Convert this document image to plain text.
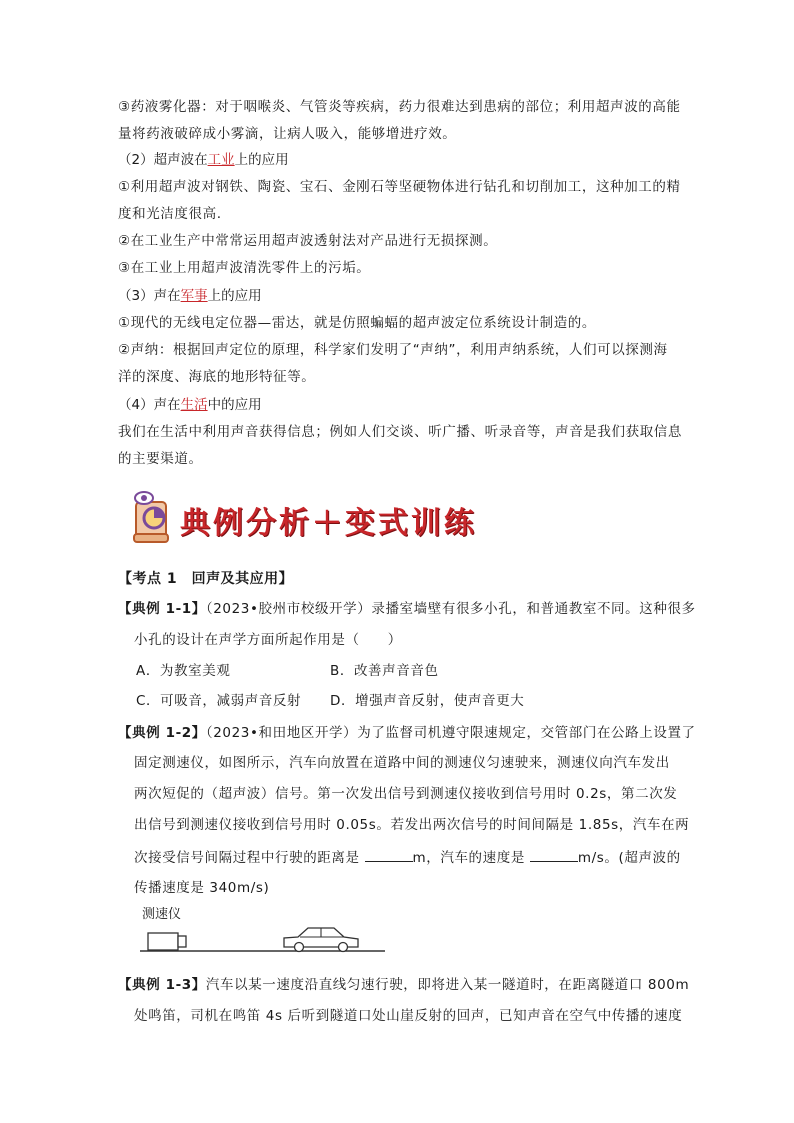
③药液雾化器：对于咽喉炎、气管炎等疾病，药力很难达到患病的部位；利用超声波的高能
量将药液破碎成小雾滴，让病人吸入，能够增进疗效。
（2）超声波在工业上的应用
①利用超声波对钢铁、陶瓷、宝石、金刚石等坚硬物体进行钻孔和切削加工，这种加工的精
度和光洁度很高.
②在工业生产中常常运用超声波透射法对产品进行无损探测。
③在工业上用超声波清洗零件上的污垢。
（3）声在军事上的应用
①现代的无线电定位器—雷达，就是仿照蝙蝠的超声波定位系统设计制造的。
②声纳：根据回声定位的原理，科学家们发明了“声纳”，利用声纳系统，人们可以探测海
洋的深度、海底的地形特征等。
（4）声在生活中的应用
我们在生活中利用声音获得信息；例如人们交谈、听广播、听录音等，声音是我们获取信息
的主要渠道。
典例分析＋变式训练
【考点 1　回声及其应用】
【典例 1-1】（2023•胶州市校级开学）录播室墙壁有很多小孔，和普通教室不同。这种很多
小孔的设计在声学方面所起作用是（　　）
A．为教室美观	B．改善声音音色
C．可吸音，减弱声音反射 D．增强声音反射，使声音更大
【典例 1-2】（2023•和田地区开学）为了监督司机遵守限速规定，交管部门在公路上设置了
固定测速仪，如图所示，汽车向放置在道路中间的测速仪匀速驶来，测速仪向汽车发出
两次短促的（超声波）信号。第一次发出信号到测速仪接收到信号用时 0.2s，第二次发
出信号到测速仪接收到信号用时 0.05s。若发出两次信号的时间间隔是 1.85s，汽车在两
次接受信号间隔过程中行驶的距离是	m，汽车的速度是	m/s。(超声波的
传播速度是 340m/s)
测速仪
【典例 1-3】汽车以某一速度沿直线匀速行驶，即将进入某一隧道时，在距离隧道口 800m
处鸣笛，司机在鸣笛 4s 后听到隧道口处山崖反射的回声，已知声音在空气中传播的速度
